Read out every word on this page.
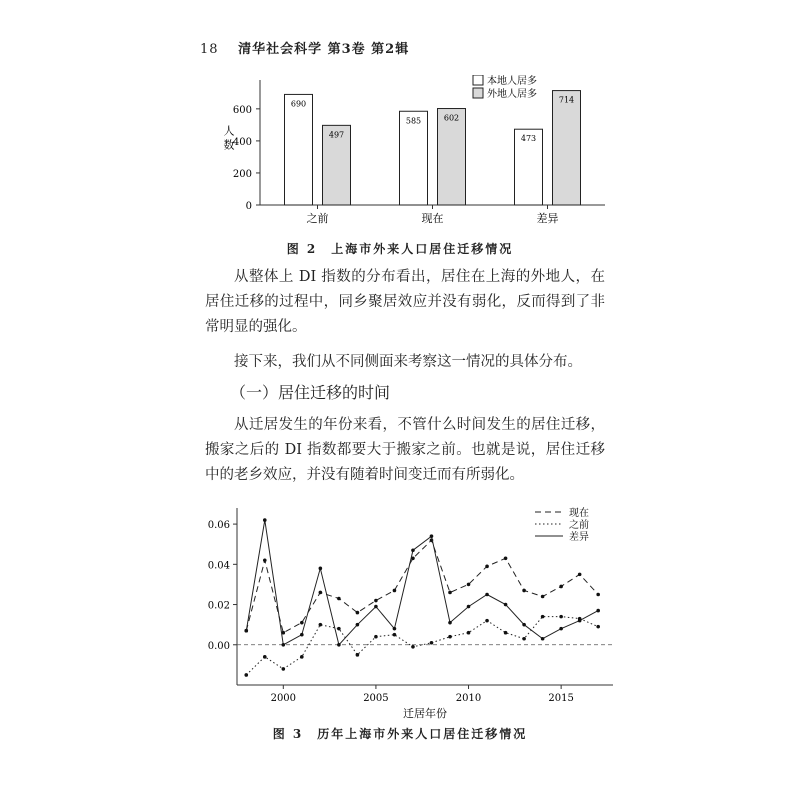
18 清华社会科学 第3卷 第2辑
0
200
400
600
人数
之前
690
497
现在
585	602
差异
473
714
本地人居多
外地人居多
图 2　上海市外来人口居住迁移情况

从整体上 DI 指数的分布看出，居住在上海的外地人，在居住迁移的过程中，同乡聚居效应并没有弱化，反而得到了非常明显的强化。

接下来，我们从不同侧面来考察这一情况的具体分布。

（一）居住迁移的时间

从迁居发生的年份来看，不管什么时间发生的居住迁移，搬家之后的 DI 指数都要大于搬家之前。也就是说，居住迁移中的老乡效应，并没有随着时间变迁而有所弱化。

0.00
0.02
0.04
0.06
2000	2005	2010	2015
迁居年份
现在
之前
差异
图 3　历年上海市外来人口居住迁移情况
